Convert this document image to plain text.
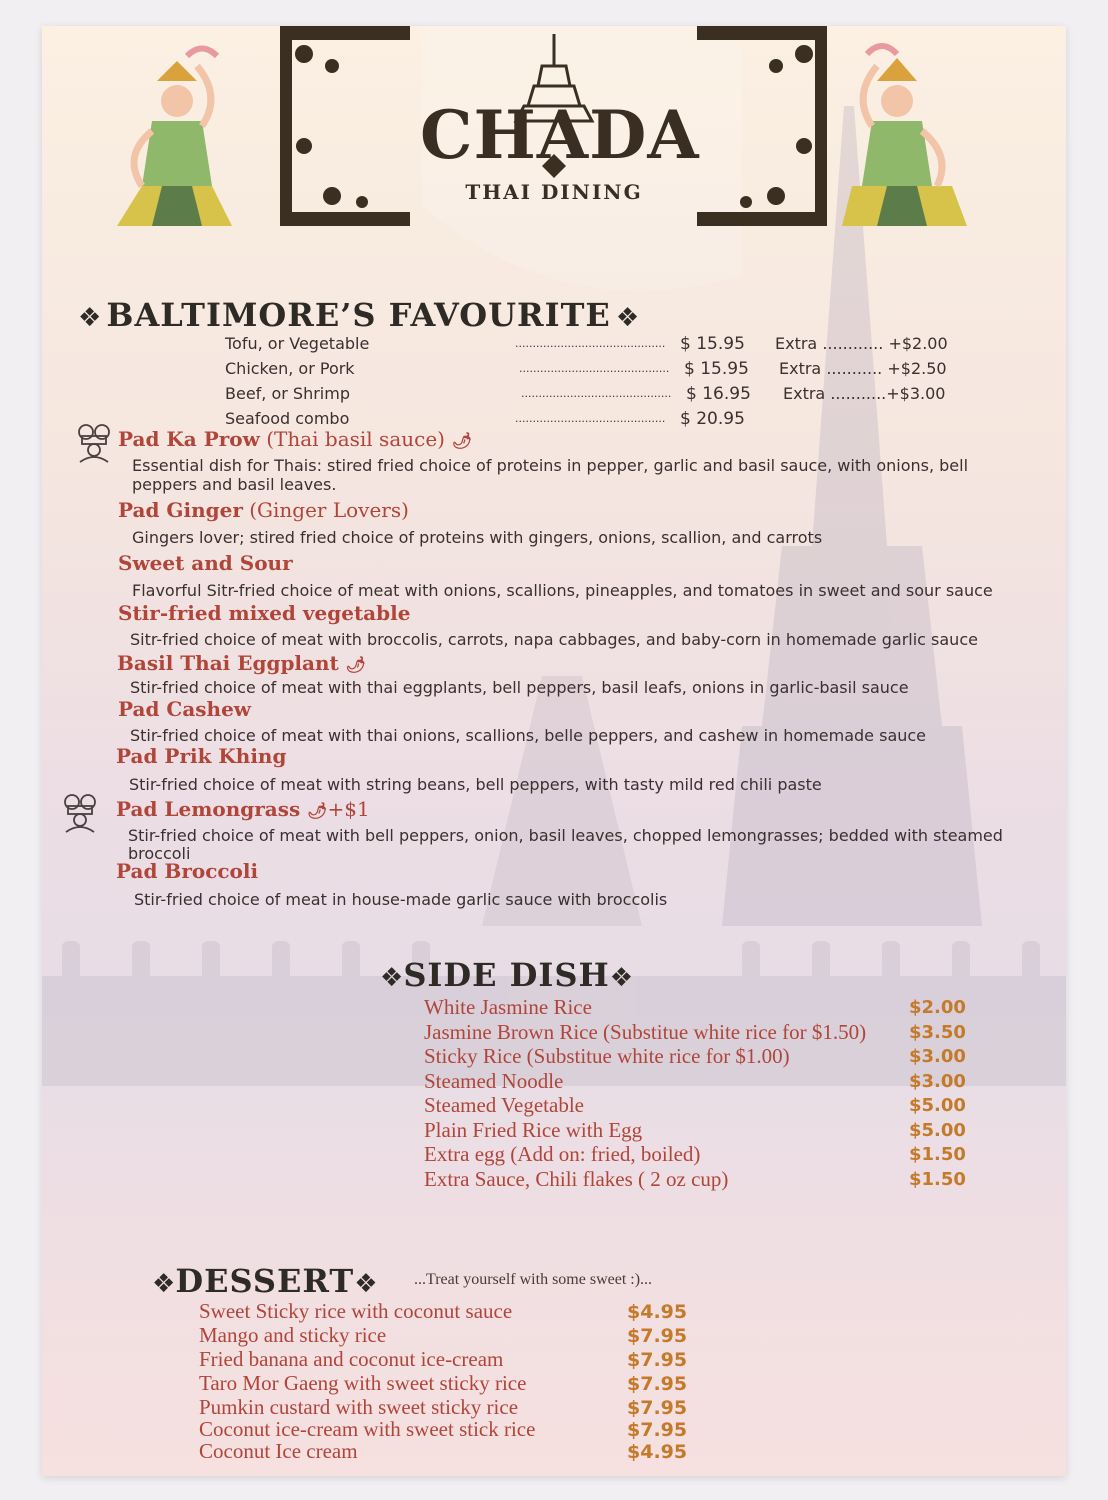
CHADA
THAI DINING
❖ BALTIMORE’S FAVOURITE ❖
Tofu, or Vegetable	........................................... $ 15.95 Extra ............ +$2.00
Chicken, or Pork	........................................... $ 15.95 Extra ........... +$2.50
Beef, or Shrimp	........................................... $ 16.95 Extra ...........+$3.00
Seafood combo	........................................... $ 20.95
Pad Ka Prow (Thai basil sauce) 🌶
Essential dish for Thais: stired fried choice of proteins in pepper, garlic and basil sauce, with onions, bell
peppers and basil leaves.
Pad Ginger (Ginger Lovers)
Gingers lover; stired fried choice of proteins with gingers, onions, scallion, and carrots
Sweet and Sour
Flavorful Sitr-fried choice of meat with onions, scallions, pineapples, and tomatoes in sweet and sour sauce
Stir-fried mixed vegetable
Sitr-fried choice of meat with broccolis, carrots, napa cabbages, and baby-corn in homemade garlic sauce
Basil Thai Eggplant 🌶
Stir-fried choice of meat with thai eggplants, bell peppers, basil leafs, onions in garlic-basil sauce
Pad Cashew
Stir-fried choice of meat with thai onions, scallions, belle peppers, and cashew in homemade sauce
Pad Prik Khing
Stir-fried choice of meat with string beans, bell peppers, with tasty mild red chili paste
Pad Lemongrass 🌶+$1
Stir-fried choice of meat with bell peppers, onion, basil leaves, chopped lemongrasses; bedded with steamed
broccoli
Pad Broccoli
Stir-fried choice of meat in house-made garlic sauce with broccolis
❖SIDE DISH❖
White Jasmine Rice	$2.00
Jasmine Brown Rice (Substitue white rice for $1.50) $3.50
Sticky Rice (Substitue white rice for $1.00)	$3.00
Steamed Noodle	$3.00
Steamed Vegetable	$5.00
Plain Fried Rice with Egg	$5.00
Extra egg (Add on: fried, boiled)	$1.50
Extra Sauce, Chili flakes ( 2 oz cup)	$1.50
❖DESSERT❖ ...Treat yourself with some sweet :)...
Sweet Sticky rice with coconut sauce	$4.95
Mango and sticky rice	$7.95
Fried banana and coconut ice-cream	$7.95
Taro Mor Gaeng with sweet sticky rice	$7.95
Pumkin custard with sweet sticky rice	$7.95
Coconut ice-cream with sweet stick rice	$7.95
Coconut Ice cream	$4.95
